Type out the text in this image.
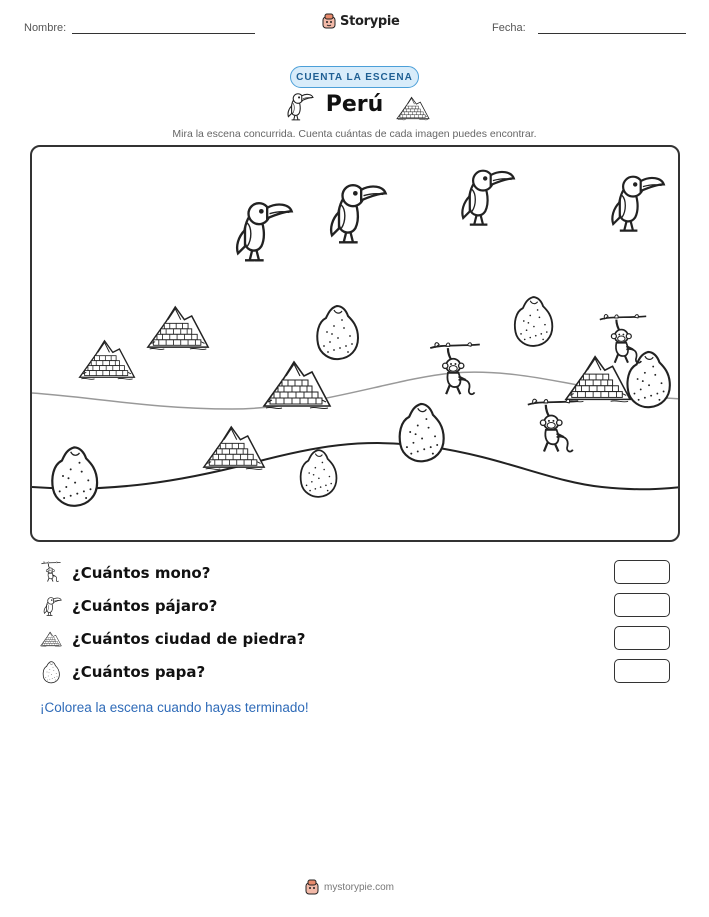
Nombre:	Storypie	Fecha:
CUENTA LA ESCENA
Perú
Mira la escena concurrida. Cuenta cuántas de cada imagen puedes encontrar.
¿Cuántos mono?
¿Cuántos pájaro?
¿Cuántos ciudad de piedra?
¿Cuántos papa?
¡Colorea la escena cuando hayas terminado!
mystorypie.com
